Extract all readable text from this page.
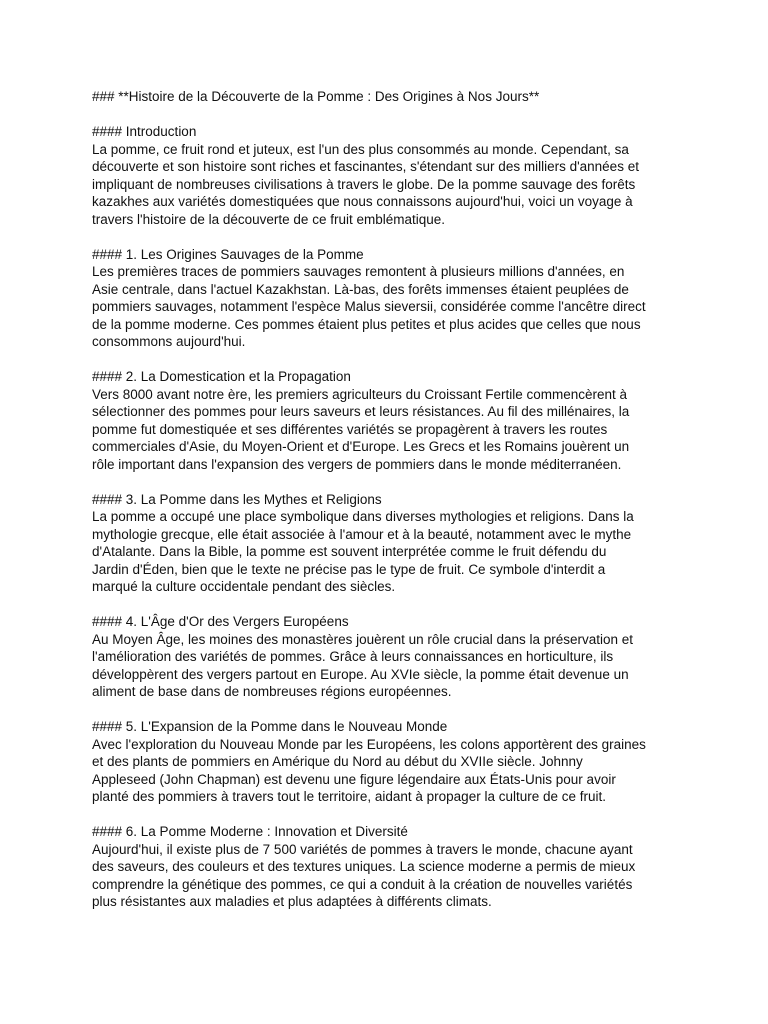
### **Histoire de la Découverte de la Pomme : Des Origines à Nos Jours**

#### Introduction

La pomme, ce fruit rond et juteux, est l'un des plus consommés au monde. Cependant, sa
découverte et son histoire sont riches et fascinantes, s'étendant sur des milliers d'années et
impliquant de nombreuses civilisations à travers le globe. De la pomme sauvage des forêts
kazakhes aux variétés domestiquées que nous connaissons aujourd'hui, voici un voyage à
travers l'histoire de la découverte de ce fruit emblématique.

#### 1. Les Origines Sauvages de la Pomme

Les premières traces de pommiers sauvages remontent à plusieurs millions d'années, en
Asie centrale, dans l'actuel Kazakhstan. Là-bas, des forêts immenses étaient peuplées de
pommiers sauvages, notamment l'espèce Malus sieversii, considérée comme l'ancêtre direct
de la pomme moderne. Ces pommes étaient plus petites et plus acides que celles que nous
consommons aujourd'hui.

#### 2. La Domestication et la Propagation

Vers 8000 avant notre ère, les premiers agriculteurs du Croissant Fertile commencèrent à
sélectionner des pommes pour leurs saveurs et leurs résistances. Au fil des millénaires, la
pomme fut domestiquée et ses différentes variétés se propagèrent à travers les routes
commerciales d'Asie, du Moyen-Orient et d'Europe. Les Grecs et les Romains jouèrent un
rôle important dans l'expansion des vergers de pommiers dans le monde méditerranéen.

#### 3. La Pomme dans les Mythes et Religions

La pomme a occupé une place symbolique dans diverses mythologies et religions. Dans la
mythologie grecque, elle était associée à l'amour et à la beauté, notamment avec le mythe
d'Atalante. Dans la Bible, la pomme est souvent interprétée comme le fruit défendu du
Jardin d'Éden, bien que le texte ne précise pas le type de fruit. Ce symbole d'interdit a
marqué la culture occidentale pendant des siècles.

#### 4. L'Âge d'Or des Vergers Européens

Au Moyen Âge, les moines des monastères jouèrent un rôle crucial dans la préservation et
l'amélioration des variétés de pommes. Grâce à leurs connaissances en horticulture, ils
développèrent des vergers partout en Europe. Au XVIe siècle, la pomme était devenue un
aliment de base dans de nombreuses régions européennes.

#### 5. L'Expansion de la Pomme dans le Nouveau Monde

Avec l'exploration du Nouveau Monde par les Européens, les colons apportèrent des graines
et des plants de pommiers en Amérique du Nord au début du XVIIe siècle. Johnny
Appleseed (John Chapman) est devenu une figure légendaire aux États-Unis pour avoir
planté des pommiers à travers tout le territoire, aidant à propager la culture de ce fruit.

#### 6. La Pomme Moderne : Innovation et Diversité

Aujourd'hui, il existe plus de 7 500 variétés de pommes à travers le monde, chacune ayant
des saveurs, des couleurs et des textures uniques. La science moderne a permis de mieux
comprendre la génétique des pommes, ce qui a conduit à la création de nouvelles variétés
plus résistantes aux maladies et plus adaptées à différents climats.
